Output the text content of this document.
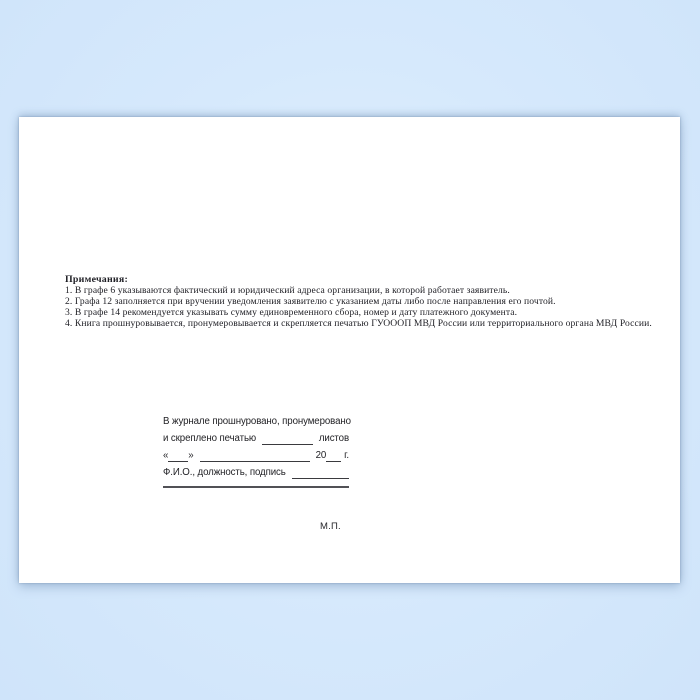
Примечания:
1. В графе 6 указываются фактический и юридический адреса организации, в которой работает заявитель.
2. Графа 12 заполняется при вручении уведомления заявителю с указанием даты либо после направления его почтой.
3. В графе 14 рекомендуется указывать сумму единовременного сбора, номер и дату платежного документа.
4. Книга прошнуровывается, пронумеровывается и скрепляется печатью ГУОООП МВД России или территориального органа МВД России.
В журнале прошнуровано, пронумеровано
и скреплено печатью	листов
« »	20 г.
Ф.И.О., должность, подпись
М.П.
